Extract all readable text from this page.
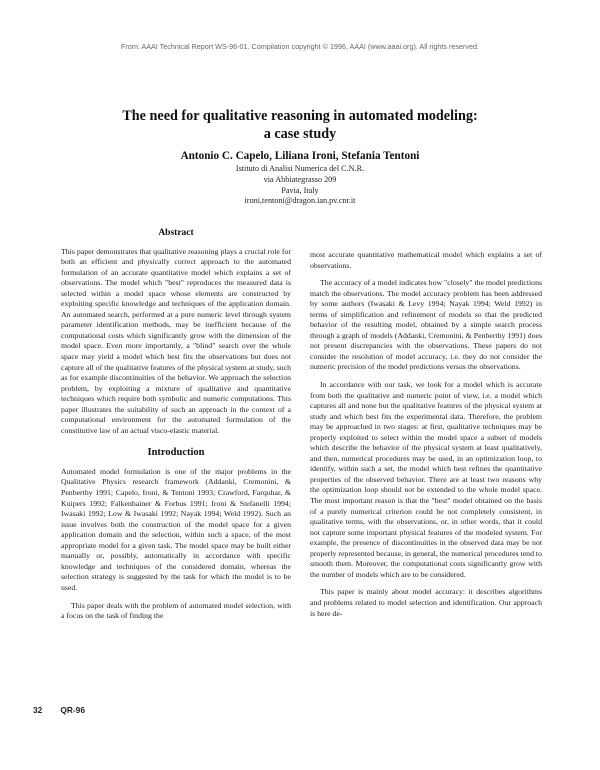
From: AAAI Technical Report WS-96-01. Compilation copyright © 1996, AAAI (www.aaai.org). All rights reserved.
The need for qualitative reasoning in automated modeling:
a case study
Antonio C. Capelo, Liliana Ironi, Stefania Tentoni
Istituto di Analisi Numerica del C.N.R.
via Abbiategrasso 209
Pavia, Italy
ironi,tentoni@dragon.ian.pv.cnr.it
Abstract

This paper demonstrates that qualitative reasoning plays a crucial role for both an efficient and physically correct approach to the automated formulation of an accurate quantitative model which explains a set of observations. The model which "best" reproduces the measured data is selected within a model space whose elements are constructed by exploiting specific knowledge and techniques of the application domain. An automated search, performed at a pure numeric level through system parameter identification methods, may be inefficient because of the computational costs which significantly grow with the dimension of the model space. Even more importantly, a "blind" search over the whole space may yield a model which best fits the observations but does not capture all of the qualitative features of the physical system at study, such as for example discontinuities of the behavior. We approach the selection problem, by exploiting a mixture of qualitative and quantitative techniques which require both symbolic and numeric computations. This paper illustrates the suitability of such an approach in the context of a computational environment for the automated formulation of the constitutive law of an actual visco-elastic material.

Introduction

Automated model formulation is one of the major problems in the Qualitative Physics research framework (Addanki, Cremonini, & Penberthy 1991; Capelo, Ironi, & Tentoni 1993; Crawford, Farquhar, & Kuipers 1992; Falkenhainer & Forbus 1991; Ironi & Stefanelli 1994; Iwasaki 1992; Low & Iwasaki 1992; Nayak 1994; Weld 1992). Such an issue involves both the construction of the model space for a given application domain and the selection, within such a space, of the most appropriate model for a given task. The model space may be built either manually or, possibly, automatically in accordance with specific knowledge and techniques of the considered domain, whereas the selection strategy is suggested by the task for which the model is to be used.

This paper deals with the problem of automated model selection, with a focus on the task of finding the

most accurate quantitative mathematical model which explains a set of observations.

The accuracy of a model indicates how "closely" the model predictions match the observations. The model accuracy problem has been addressed by some authors (Iwasaki & Levy 1994; Nayak 1994; Weld 1992) in terms of simplification and refinement of models so that the predicted behavior of the resulting model, obtained by a simple search process through a graph of models (Addanki, Cremonini, & Penberthy 1991) does not present discrepancies with the observations. These papers do not consider the resolution of model accuracy, i.e. they do not consider the numeric precision of the model predictions versus the observations.

In accordance with our task, we look for a model which is accurate from both the qualitative and numeric point of view, i.e. a model which captures all and none but the qualitative features of the physical system at study and which best fits the experimental data. Therefore, the problem may be approached in two stages: at first, qualitative techniques may be properly exploited to select within the model space a subset of models which describe the behavior of the physical system at least qualitatively, and then, numerical procedures may be used, in an optimization loop, to identify, within such a set, the model which best refines the quantitative properties of the observed behavior. There are at least two reasons why the optimization loop should not be extended to the whole model space. The most important reason is that the "best" model obtained on the basis of a purely numerical criterion could be not completely consistent, in qualitative terms, with the observations, or, in other words, that it could not capture some important physical features of the modeled system. For example, the presence of discontinuities in the observed data may be not properly represented because, in general, the numerical procedures tend to smooth them. Moreover, the computational costs significantly grow with the number of models which are to be considered.

This paper is mainly about model accuracy: it describes algorithms and problems related to model selection and identification. Our approach is here de-

32 QR-96
